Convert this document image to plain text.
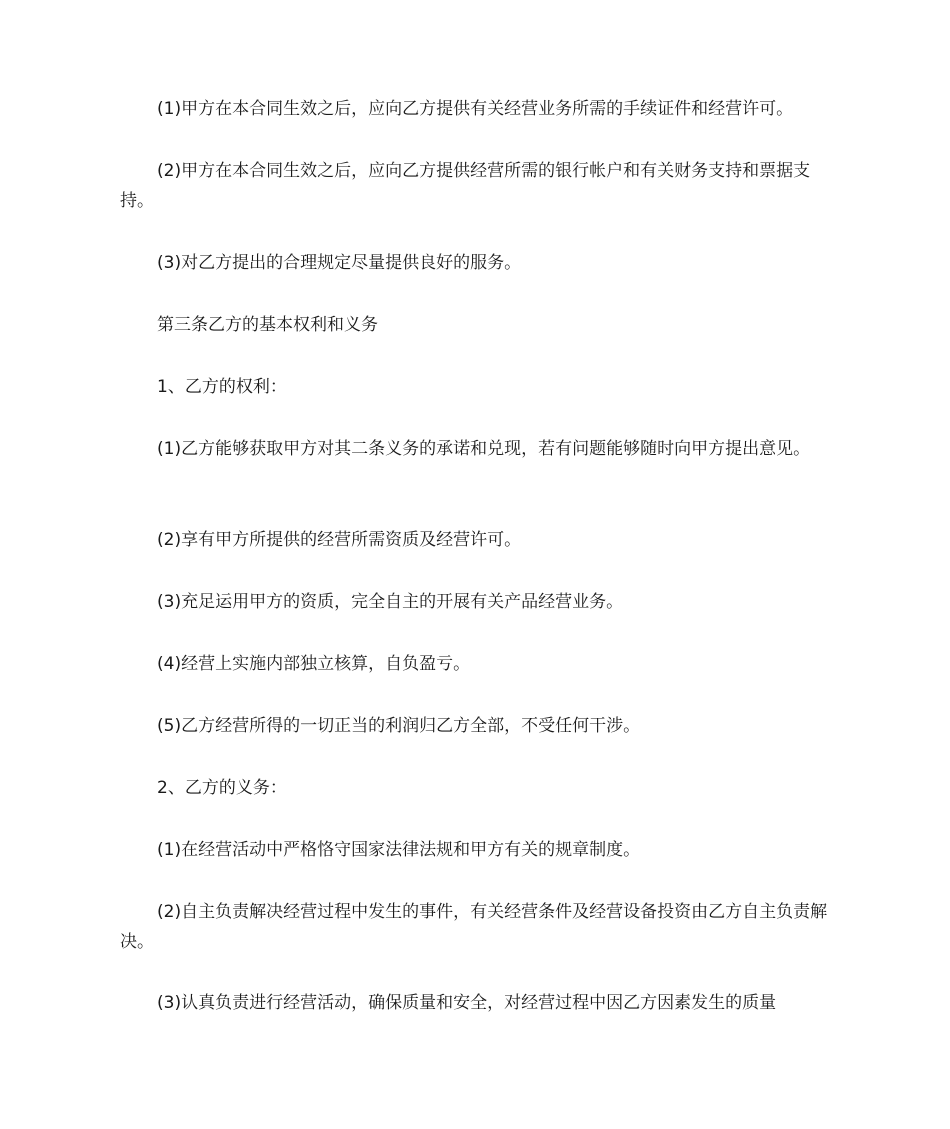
(1)甲方在本合同生效之后，应向乙方提供有关经营业务所需的手续证件和经营许可。

(2)甲方在本合同生效之后，应向乙方提供经营所需的银行帐户和有关财务支持和票据支持。

(3)对乙方提出的合理规定尽量提供良好的服务。

第三条乙方的基本权利和义务

1、乙方的权利：

(1)乙方能够获取甲方对其二条义务的承诺和兑现，若有问题能够随时向甲方提出意见。

(2)享有甲方所提供的经营所需资质及经营许可。

(3)充足运用甲方的资质，完全自主的开展有关产品经营业务。

(4)经营上实施内部独立核算，自负盈亏。

(5)乙方经营所得的一切正当的利润归乙方全部，不受任何干涉。

2、乙方的义务：

(1)在经营活动中严格恪守国家法律法规和甲方有关的规章制度。

(2)自主负责解决经营过程中发生的事件，有关经营条件及经营设备投资由乙方自主负责解决。

(3)认真负责进行经营活动，确保质量和安全，对经营过程中因乙方因素发生的质量
